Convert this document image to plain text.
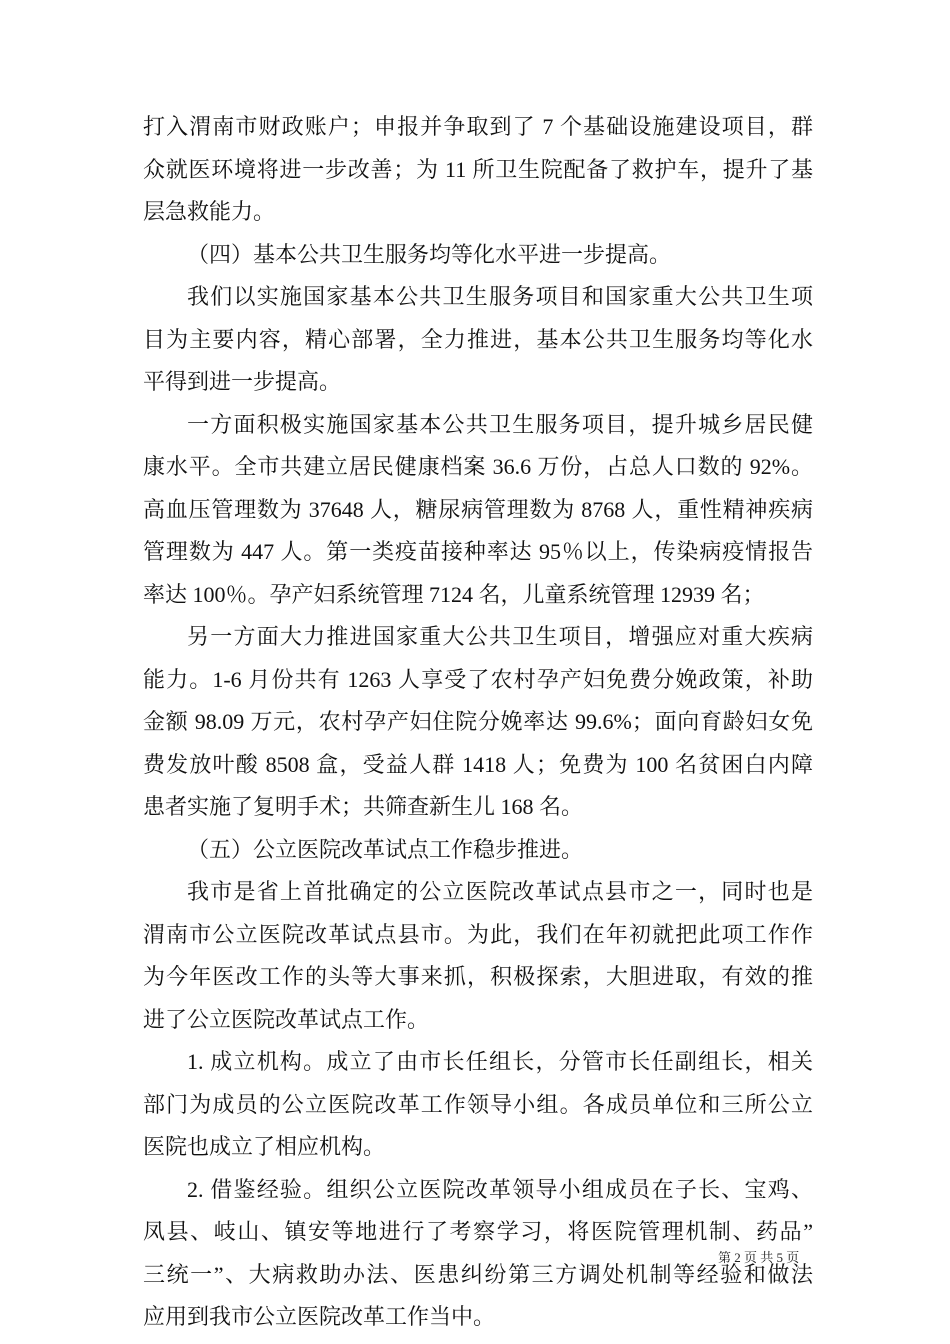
打入渭南市财政账户；申报并争取到了 7 个基础设施建设项目，群
众就医环境将进一步改善；为 11 所卫生院配备了救护车，提升了基
层急救能力。
（四）基本公共卫生服务均等化水平进一步提高。
我们以实施国家基本公共卫生服务项目和国家重大公共卫生项
目为主要内容，精心部署，全力推进，基本公共卫生服务均等化水
平得到进一步提高。
一方面积极实施国家基本公共卫生服务项目，提升城乡居民健
康水平。全市共建立居民健康档案 36.6 万份，占总人口数的 92%。
高血压管理数为 37648 人，糖尿病管理数为 8768 人，重性精神疾病
管理数为 447 人。第一类疫苗接种率达 95％以上，传染病疫情报告
率达 100％。孕产妇系统管理 7124 名，儿童系统管理 12939 名；
另一方面大力推进国家重大公共卫生项目，增强应对重大疾病
能力。1-6 月份共有 1263 人享受了农村孕产妇免费分娩政策，补助
金额 98.09 万元，农村孕产妇住院分娩率达 99.6%；面向育龄妇女免
费发放叶酸 8508 盒，受益人群 1418 人；免费为 100 名贫困白内障
患者实施了复明手术；共筛查新生儿 168 名。
（五）公立医院改革试点工作稳步推进。
我市是省上首批确定的公立医院改革试点县市之一，同时也是
渭南市公立医院改革试点县市。为此，我们在年初就把此项工作作
为今年医改工作的头等大事来抓，积极探索，大胆进取，有效的推
进了公立医院改革试点工作。
1. 成立机构。成立了由市长任组长，分管市长任副组长，相关
部门为成员的公立医院改革工作领导小组。各成员单位和三所公立
医院也成立了相应机构。
2. 借鉴经验。组织公立医院改革领导小组成员在子长、宝鸡、
凤县、岐山、镇安等地进行了考察学习，将医院管理机制、药品”
三统一”、大病救助办法、医患纠纷第三方调处机制等经验和做法
应用到我市公立医院改革工作当中。
第 2 页 共 5 页
